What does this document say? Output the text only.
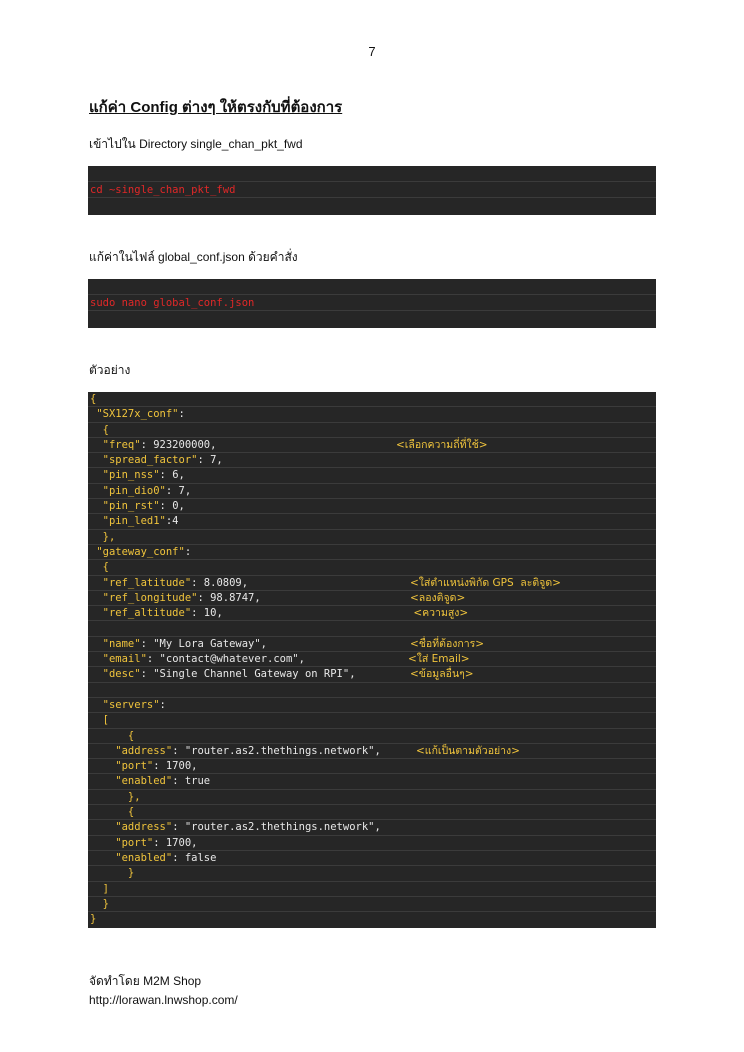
7
แก้ค่า Config ต่างๆ ให้ตรงกับที่ต้องการ
เข้าไปใน Directory single_chan_pkt_fwd
cd ~single_chan_pkt_fwd
แก้ค่าในไฟล์ global_conf.json ด้วยคำสั่ง
sudo nano global_conf.json
ตัวอย่าง
{
"SX127x_conf":
{
"freq": 923200000,	<เลือกความถี่ที่ใช้>
"spread_factor": 7,
"pin_nss": 6,
"pin_dio0": 7,
"pin_rst": 0,
"pin_led1":4
},
"gateway_conf":
{
"ref_latitude": 8.0809,	<ใส่ตำแหน่งพิกัด GPS  ละติจูด>
"ref_longitude": 98.8747,	<ลองติจูด>
"ref_altitude": 10,	<ความสูง>
"name": "My Lora Gateway",	<ชื่อที่ต้องการ>
"email": "contact@whatever.com",	<ใส่ Email>
"desc": "Single Channel Gateway on RPI",	<ข้อมูลอื่นๆ>
"servers":
[
{
"address": "router.as2.thethings.network",	<แก้เป็นตามตัวอย่าง>
"port": 1700,
"enabled": true
},
{
"address": "router.as2.thethings.network",
"port": 1700,
"enabled": false
}
]
}
}
จัดทำโดย M2M Shop
http://lorawan.lnwshop.com/
